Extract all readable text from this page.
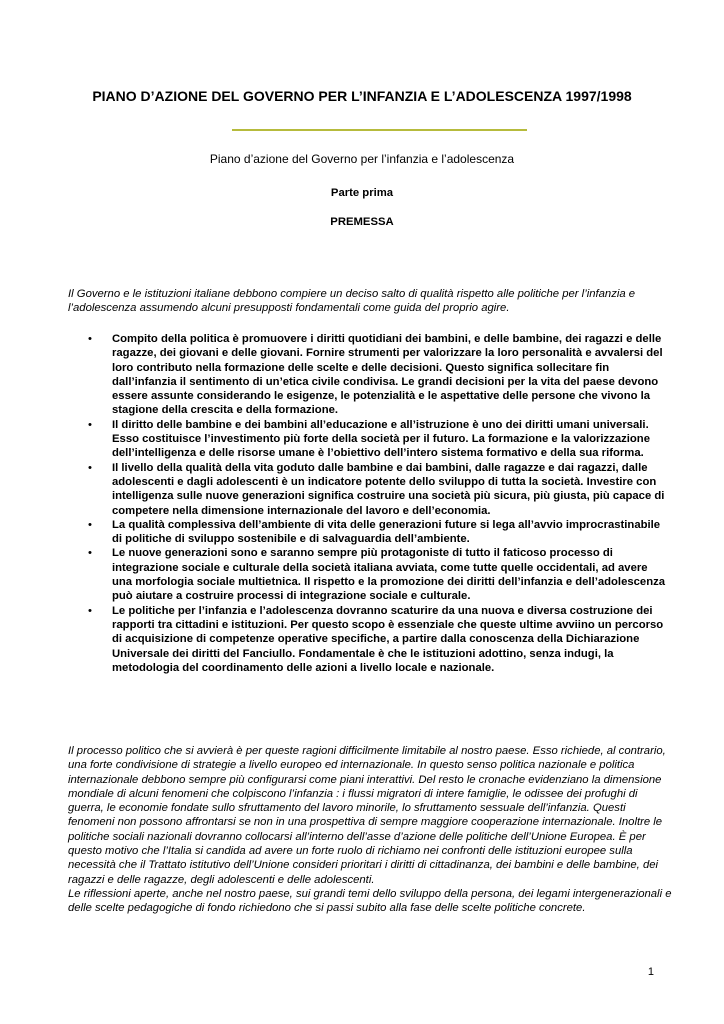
PIANO D’AZIONE DEL GOVERNO PER L’INFANZIA E L’ADOLESCENZA 1997/1998
Piano d’azione del Governo per l’infanzia e l’adolescenza
Parte prima
PREMESSA

Il Governo e le istituzioni italiane debbono compiere un deciso salto di qualità rispetto alle politiche per l’infanzia e l’adolescenza assumendo alcuni presupposti fondamentali come guida del proprio agire.

• Compito della politica è promuovere i diritti quotidiani dei bambini, e delle bambine, dei ragazzi e delle ragazze, dei giovani e delle giovani. Fornire strumenti per valorizzare la loro personalità e avvalersi del loro contributo nella formazione delle scelte e delle decisioni. Questo significa sollecitare fin dall’infanzia il sentimento di un’etica civile condivisa. Le grandi decisioni per la vita del paese devono essere assunte considerando le esigenze, le potenzialità e le aspettative delle persone che vivono la stagione della crescita e della formazione.
• Il diritto delle bambine e dei bambini all’educazione e all’istruzione è uno dei diritti umani universali. Esso costituisce l’investimento più forte della società per il futuro. La formazione e la valorizzazione dell’intelligenza e delle risorse umane è l’obiettivo dell’intero sistema formativo e della sua riforma.
• Il livello della qualità della vita goduto dalle bambine e dai bambini, dalle ragazze e dai ragazzi, dalle adolescenti e dagli adolescenti è un indicatore potente dello sviluppo di tutta la società. Investire con intelligenza sulle nuove generazioni significa costruire una società più sicura, più giusta, più capace di competere nella dimensione internazionale del lavoro e dell’economia.
• La qualità complessiva dell’ambiente di vita delle generazioni future si lega all’avvio improcrastinabile di politiche di sviluppo sostenibile e di salvaguardia dell’ambiente.
• Le nuove generazioni sono e saranno sempre più protagoniste di tutto il faticoso processo di integrazione sociale e culturale della società italiana avviata, come tutte quelle occidentali, ad avere una morfologia sociale multietnica. Il rispetto e la promozione dei diritti dell’infanzia e dell’adolescenza può aiutare a costruire processi di integrazione sociale e culturale.
• Le politiche per l’infanzia e l’adolescenza dovranno scaturire da una nuova e diversa costruzione dei rapporti tra cittadini e istituzioni. Per questo scopo è essenziale che queste ultime avviino un percorso di acquisizione di competenze operative specifiche, a partire dalla conoscenza della Dichiarazione Universale dei diritti del Fanciullo. Fondamentale è che le istituzioni adottino, senza indugi, la metodologia del coordinamento delle azioni a livello locale e nazionale.

Il processo politico che si avvierà è per queste ragioni difficilmente limitabile al nostro paese. Esso richiede, al contrario, una forte condivisione di strategie a livello europeo ed internazionale. In questo senso politica nazionale e politica internazionale debbono sempre più configurarsi come piani interattivi. Del resto le cronache evidenziano la dimensione mondiale di alcuni fenomeni che colpiscono l’infanzia : i flussi migratori di intere famiglie, le odissee dei profughi di guerra, le economie fondate sullo sfruttamento del lavoro minorile, lo sfruttamento sessuale dell’infanzia. Questi fenomeni non possono affrontarsi se non in una prospettiva di sempre maggiore cooperazione internazionale. Inoltre le politiche sociali nazionali dovranno collocarsi all’interno dell’asse d’azione delle politiche dell’Unione Europea. È per questo motivo che l’Italia si candida ad avere un forte ruolo di richiamo nei confronti delle istituzioni europee sulla necessità che il Trattato istitutivo dell’Unione consideri prioritari i diritti di cittadinanza, dei bambini e delle bambine, dei ragazzi e delle ragazze, degli adolescenti e delle adolescenti.

Le riflessioni aperte, anche nel nostro paese, sui grandi temi dello sviluppo della persona, dei legami intergenerazionali e delle scelte pedagogiche di fondo richiedono che si passi subito alla fase delle scelte politiche concrete.

1
